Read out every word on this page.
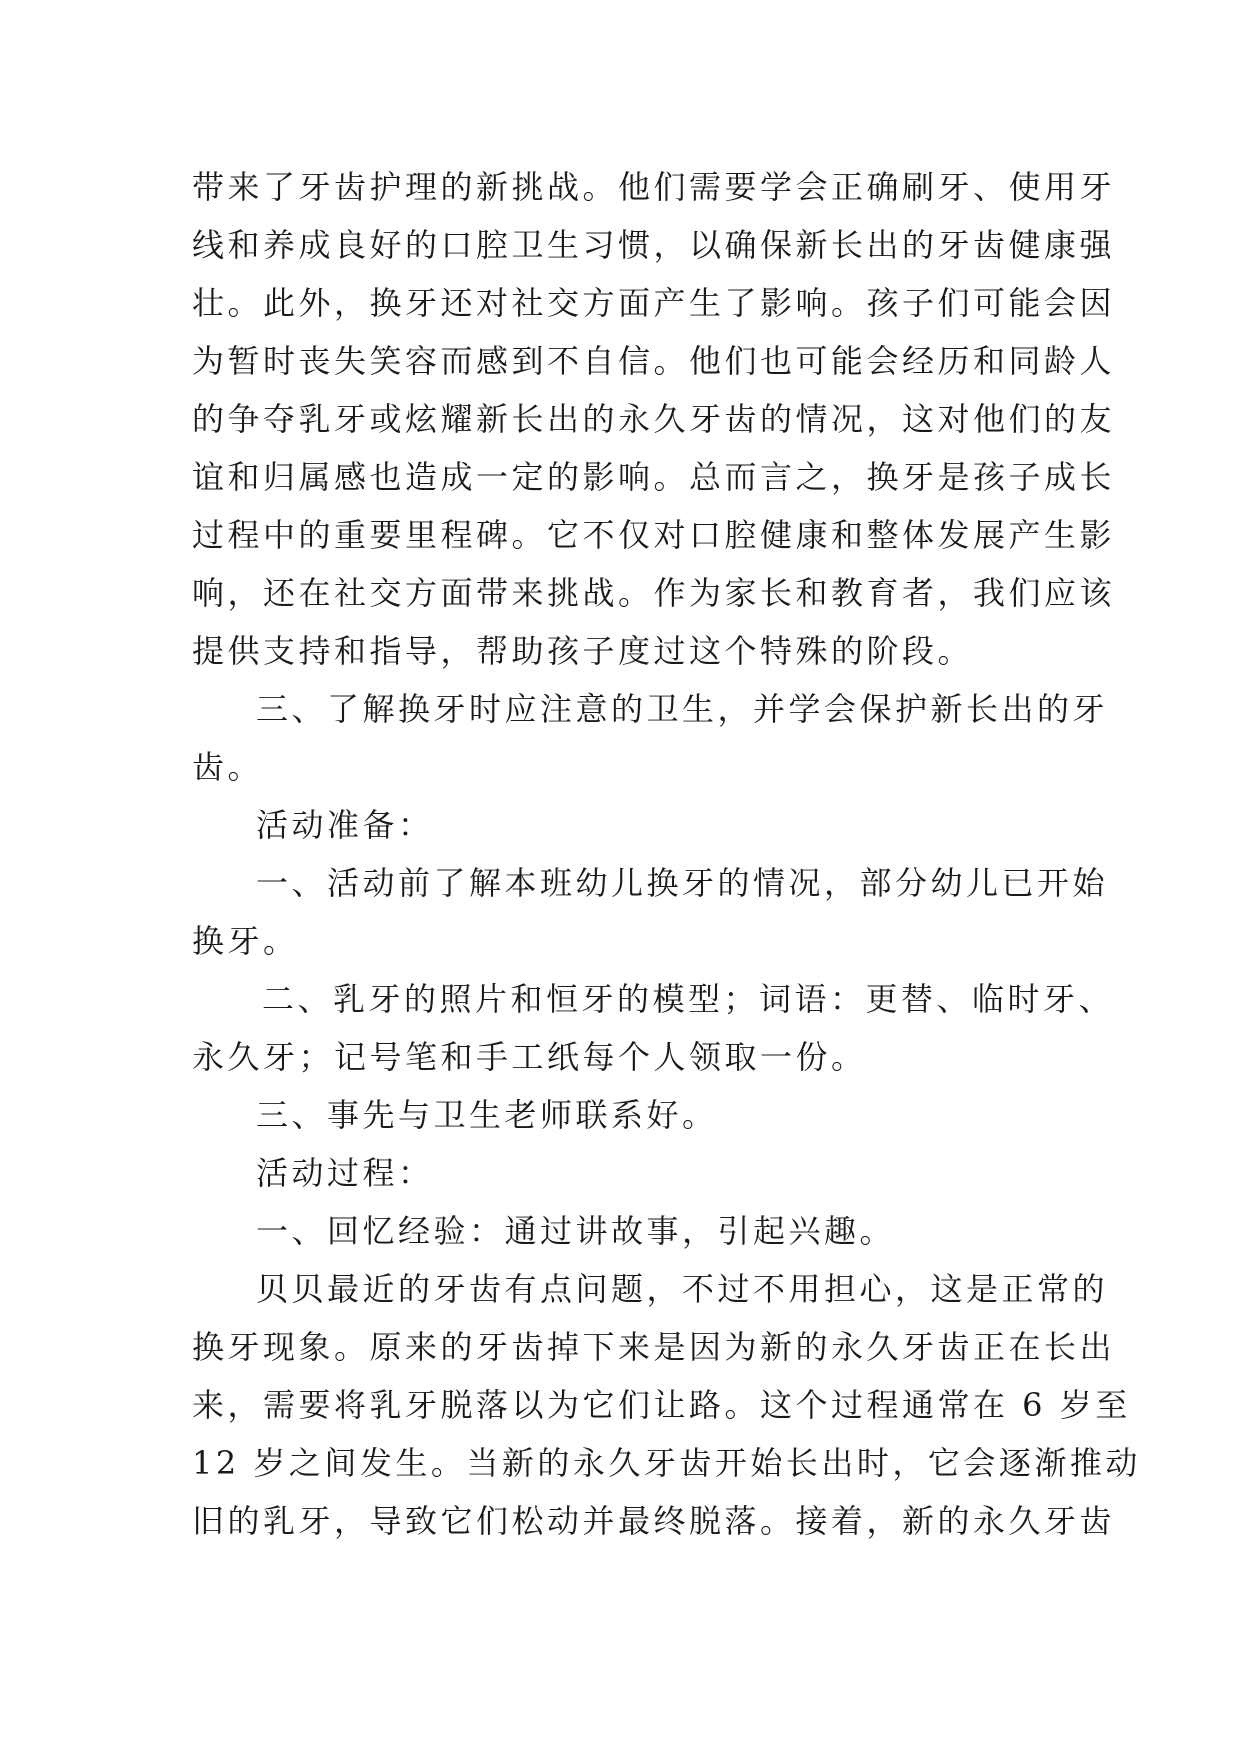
带来了牙齿护理的新挑战。他们需要学会正确刷牙、使用牙
线和养成良好的口腔卫生习惯，以确保新长出的牙齿健康强
壮。此外，换牙还对社交方面产生了影响。孩子们可能会因
为暂时丧失笑容而感到不自信。他们也可能会经历和同龄人
的争夺乳牙或炫耀新长出的永久牙齿的情况，这对他们的友
谊和归属感也造成一定的影响。总而言之，换牙是孩子成长
过程中的重要里程碑。它不仅对口腔健康和整体发展产生影
响，还在社交方面带来挑战。作为家长和教育者，我们应该
提供支持和指导，帮助孩子度过这个特殊的阶段。
三、了解换牙时应注意的卫生，并学会保护新长出的牙
齿。
活动准备：
一、活动前了解本班幼儿换牙的情况，部分幼儿已开始
换牙。
二、乳牙的照片和恒牙的模型；词语：更替、临时牙、
永久牙；记号笔和手工纸每个人领取一份。
三、事先与卫生老师联系好。
活动过程：
一、回忆经验：通过讲故事，引起兴趣。
贝贝最近的牙齿有点问题，不过不用担心，这是正常的
换牙现象。原来的牙齿掉下来是因为新的永久牙齿正在长出
来，需要将乳牙脱落以为它们让路。这个过程通常在 6 岁至
12 岁之间发生。当新的永久牙齿开始长出时，它会逐渐推动
旧的乳牙，导致它们松动并最终脱落。接着，新的永久牙齿
